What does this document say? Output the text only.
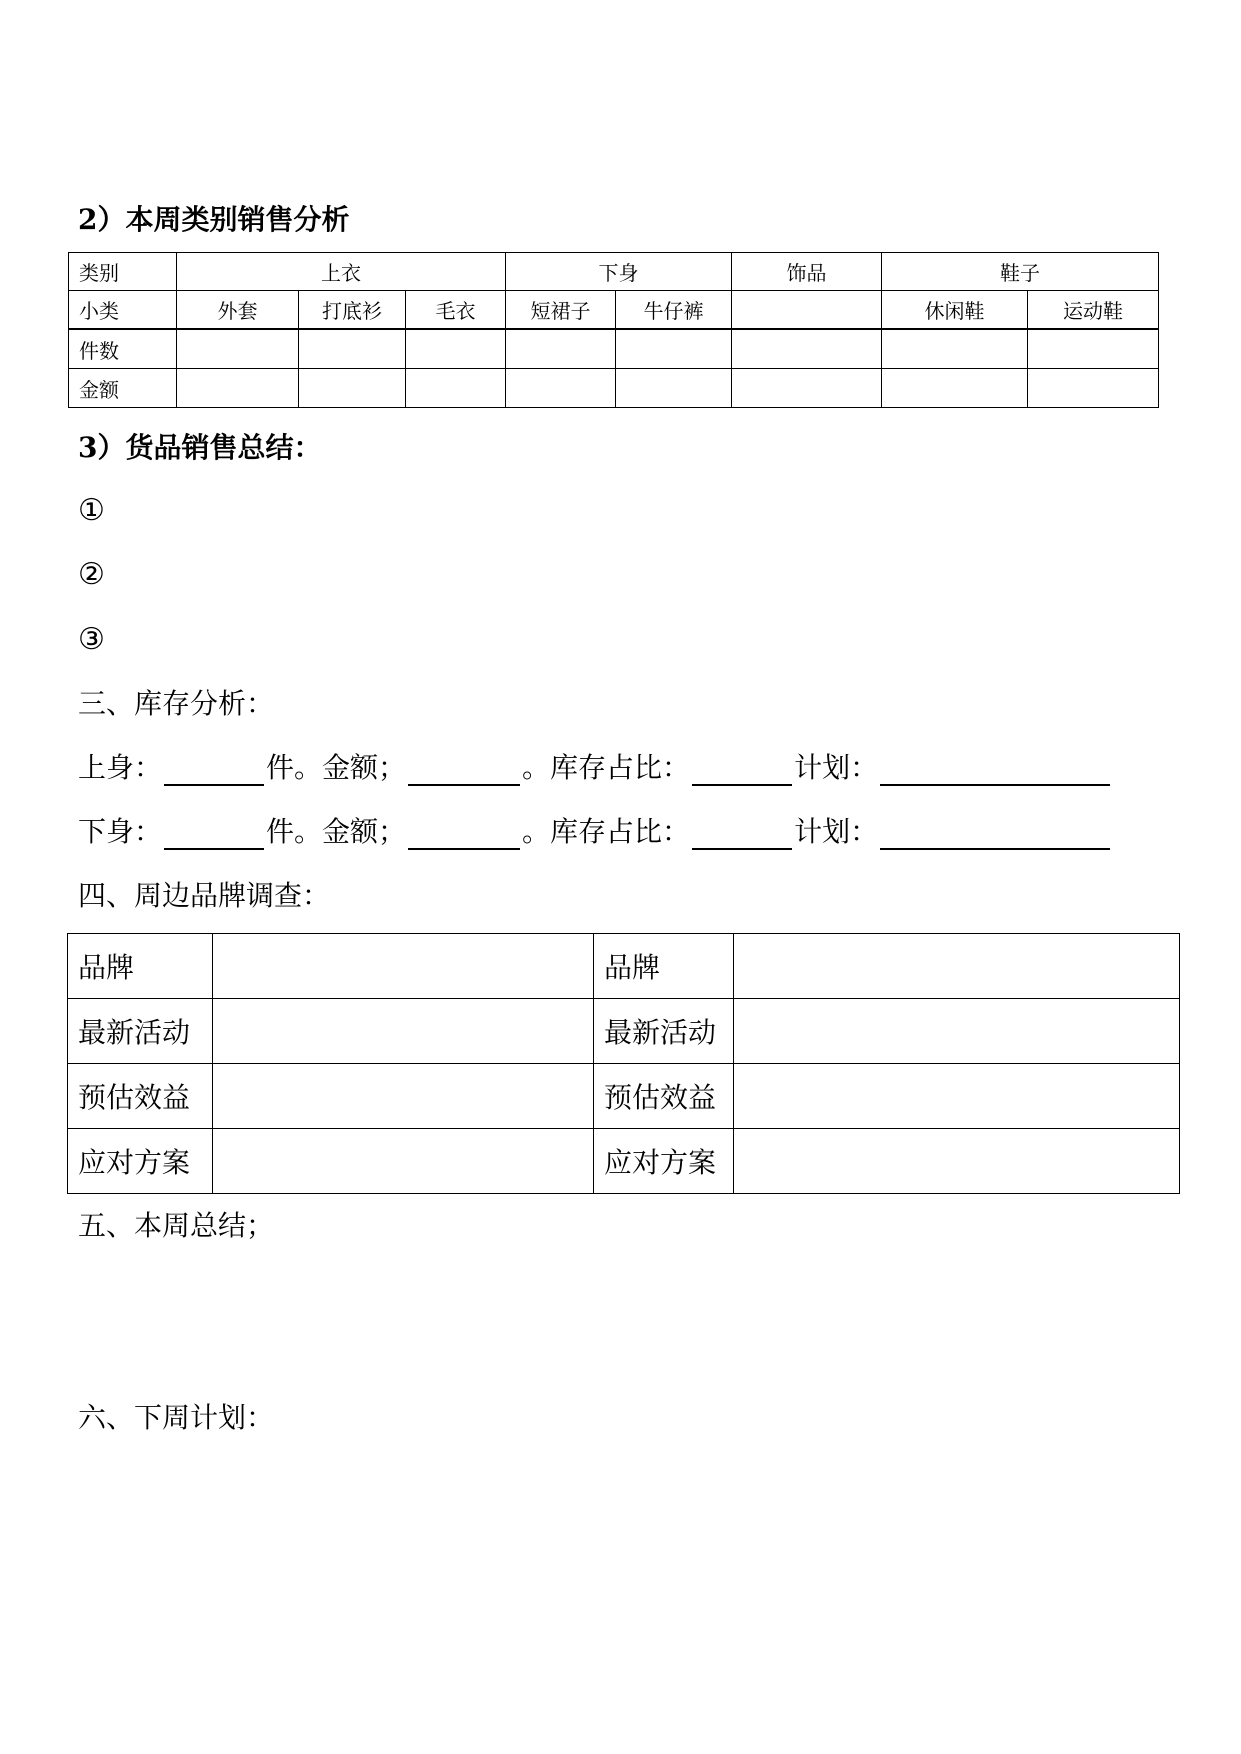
2）本周类别销售分析
类别	上衣			下身		饰品	鞋子	
小类	外套	打底衫	毛衣	短裙子	牛仔裤		休闲鞋	运动鞋
件数								
金额								
3）货品销售总结：
①
②
③
三、库存分析：
上身：	件。 金额；	。库存占比：	计划：
下身：	件。 金额；	。库存占比：	计划：
四、周边品牌调查：
品牌		品牌	
最新活动		最新活动	
预估效益		预估效益	
应对方案		应对方案	
五、本周总结；
六、下周计划：
